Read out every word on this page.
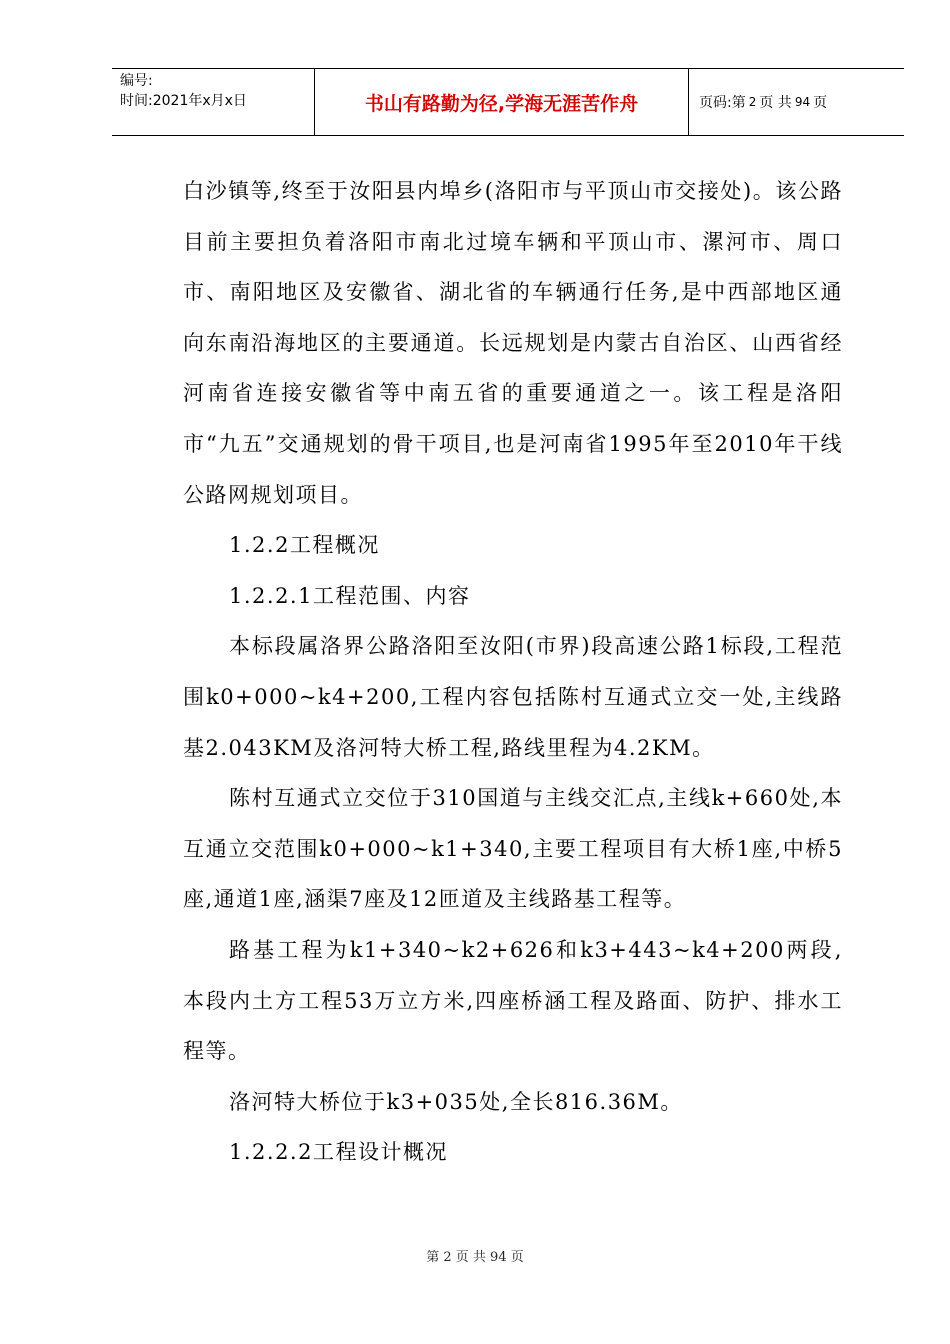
编号:
时间:2021年x月x日	书山有路勤为径,学海无涯苦作舟	页码:第 2 页 共 94 页

白沙镇等,终至于汝阳县内埠乡(洛阳市与平顶山市交接处)。该公路目前主要担负着洛阳市南北过境车辆和平顶山市、漯河市、周口市、南阳地区及安徽省、湖北省的车辆通行任务,是中西部地区通向东南沿海地区的主要通道。长远规划是内蒙古自治区、山西省经河南省连接安徽省等中南五省的重要通道之一。该工程是洛阳市“九五”交通规划的骨干项目,也是河南省1995年至2010年干线公路网规划项目。

1.2.2工程概况

1.2.2.1工程范围、内容

本标段属洛界公路洛阳至汝阳(市界)段高速公路1标段,工程范围k0+000~k4+200,工程内容包括陈村互通式立交一处,主线路基2.043KM及洛河特大桥工程,路线里程为4.2KM。

陈村互通式立交位于310国道与主线交汇点,主线k+660处,本互通立交范围k0+000~k1+340,主要工程项目有大桥1座,中桥5座,通道1座,涵渠7座及12匝道及主线路基工程等。

路基工程为k1+340~k2+626和k3+443~k4+200两段,本段内土方工程53万立方米,四座桥涵工程及路面、防护、排水工程等。

洛河特大桥位于k3+035处,全长816.36M。

1.2.2.2工程设计概况

第 2 页 共 94 页
